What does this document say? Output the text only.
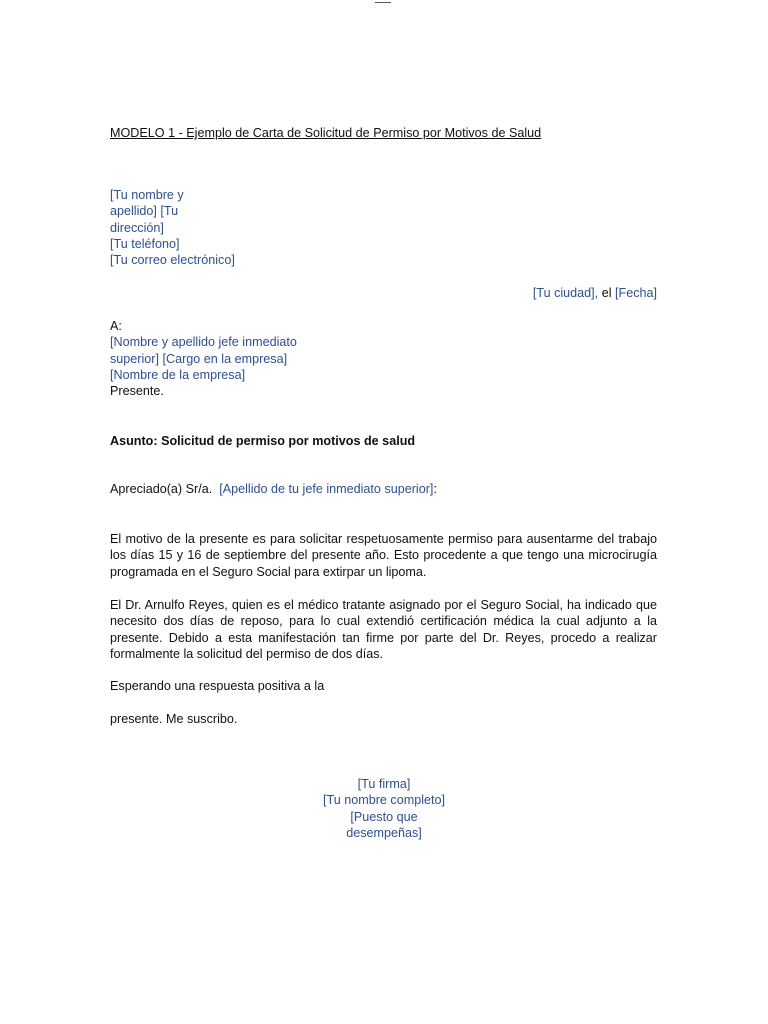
MODELO 1 - Ejemplo de Carta de Solicitud de Permiso por Motivos de Salud
[Tu nombre y apellido] [Tu dirección]
[Tu teléfono]
[Tu correo electrónico]
[Tu ciudad], el [Fecha]
A:
[Nombre y apellido jefe inmediato superior] [Cargo en la empresa]
[Nombre de la empresa]
Presente.
Asunto: Solicitud de permiso por motivos de salud
Apreciado(a) Sr/a. [Apellido de tu jefe inmediato superior]:
El motivo de la presente es para solicitar respetuosamente permiso para ausentarme del trabajo los días 15 y 16 de septiembre del presente año. Esto procedente a que tengo una microcirugía programada en el Seguro Social para extirpar un lipoma.
El Dr. Arnulfo Reyes, quien es el médico tratante asignado por el Seguro Social, ha indicado que necesito dos días de reposo, para lo cual extendió certificación médica la cual adjunto a la presente. Debido a esta manifestación tan firme por parte del Dr. Reyes, procedo a realizar formalmente la solicitud del permiso de dos días.
Esperando una respuesta positiva a la
presente. Me suscribo.
[Tu firma]
[Tu nombre completo]
[Puesto que desempeñas]
